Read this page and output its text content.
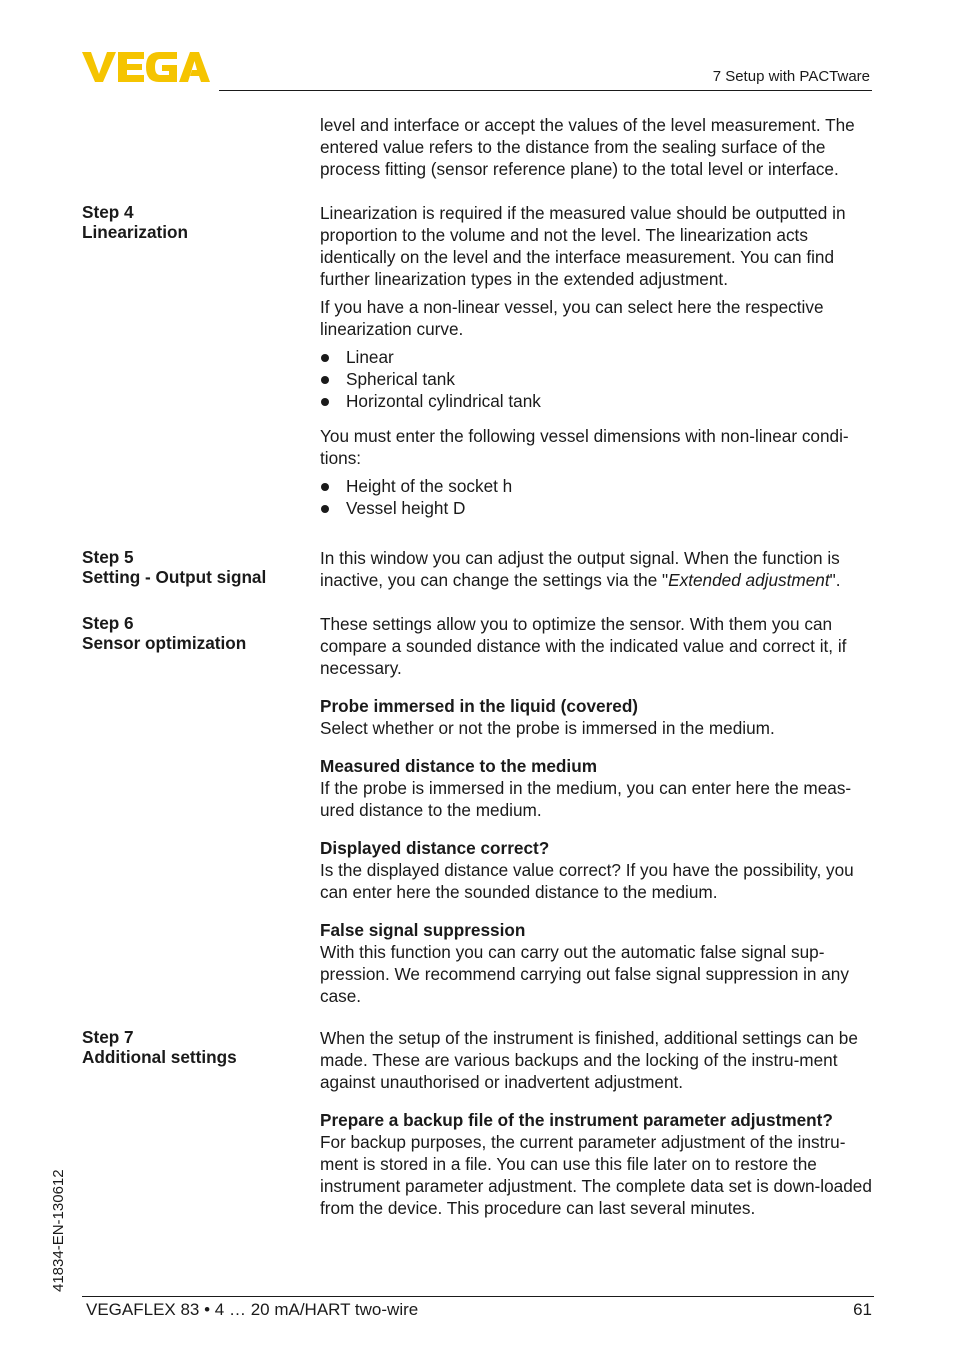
7 Setup with PACTware

level and interface or accept the values of the level measurement. The entered value refers to the distance from the sealing surface of the process fitting (sensor reference plane) to the total level or interface.

Step 4
Linearization

Linearization is required if the measured value should be outputted in proportion to the volume and not the level. The linearization acts identically on the level and the interface measurement. You can find further linearization types in the extended adjustment.

If you have a non-linear vessel, you can select here the respective linearization curve.

Linear
Spherical tank
Horizontal cylindrical tank

You must enter the following vessel dimensions with non-linear condi-tions:

Height of the socket h
Vessel height D
Step 5
Setting - Output signal

In this window you can adjust the output signal. When the function is inactive, you can change the settings via the "Extended adjustment".

Step 6
Sensor optimization

These settings allow you to optimize the sensor. With them you can compare a sounded distance with the indicated value and correct it, if necessary.

Probe immersed in the liquid (covered)
Select whether or not the probe is immersed in the medium.
Measured distance to the medium
If the probe is immersed in the medium, you can enter here the meas-ured distance to the medium.
Displayed distance correct?
Is the displayed distance value correct? If you have the possibility, you can enter here the sounded distance to the medium.
False signal suppression
With this function you can carry out the automatic false signal sup-pression. We recommend carrying out false signal suppression in any case.
Step 7
Additional settings

When the setup of the instrument is finished, additional settings can be made. These are various backups and the locking of the instru-ment against unauthorised or inadvertent adjustment.

Prepare a backup file of the instrument parameter adjustment?
For backup purposes, the current parameter adjustment of the instru-ment is stored in a file. You can use this file later on to restore the instrument parameter adjustment. The complete data set is down-loaded from the device. This procedure can last several minutes.
41834-EN-130612
VEGAFLEX 83 • 4 … 20 mA/HART two-wire	61
